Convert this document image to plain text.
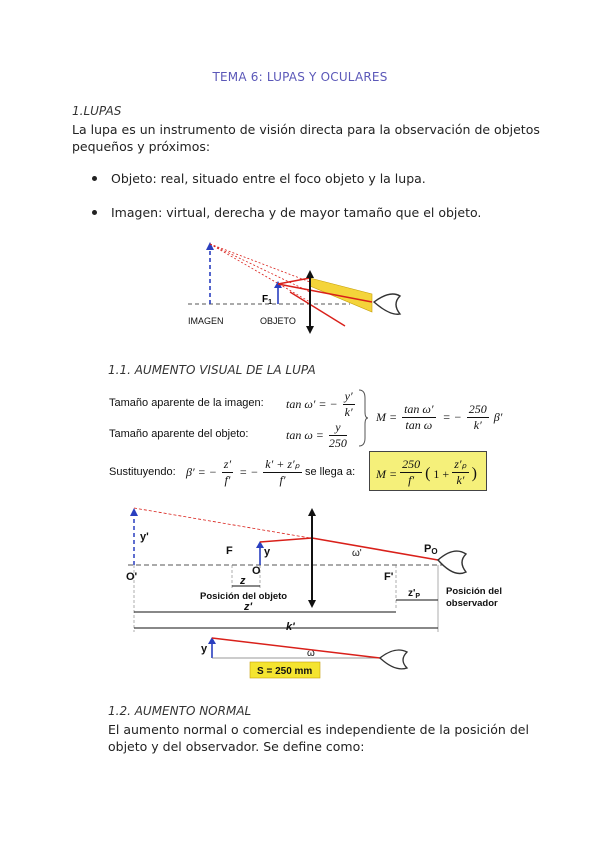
TEMA 6: LUPAS Y OCULARES
1.LUPAS
La lupa es un instrumento de visión directa para la observación de objetos pequeños y próximos:
Objeto: real, situado entre el foco objeto y la lupa.
Imagen: virtual, derecha y de mayor tamaño que el objeto.
$F_1$
IMAGEN	OBJETO
1.1. AUMENTO VISUAL DE LA LUPA
Tamaño aparente de la imagen: tan ω′ = − $\frac{y'}{k'}$
Tamaño aparente del objeto:	$\tan \omega = \frac{y}{250}$
$M = \frac{\text{tan ω′}}{\text{tan ω}}$ = − $\frac{250}{k'} \beta'$
Sustituyendo: β′ = − $\frac{z'}{f'}$ = − $\frac{\text{k′ + z′ₚ}}{f'}$ se llega a: $M = \frac{250}{f'}$ ( $1 + \frac{\text{z′ₚ}}{k'}$ )
y'
F	y	ω'	PO
O'	O	F'
z
Posición del objeto	$z'_P$	Posición del
observador
z'
k'
y	ω
S = 250 mm
1.2. AUMENTO NORMAL
El aumento normal o comercial es independiente de la posición del objeto y del observador. Se define como:
